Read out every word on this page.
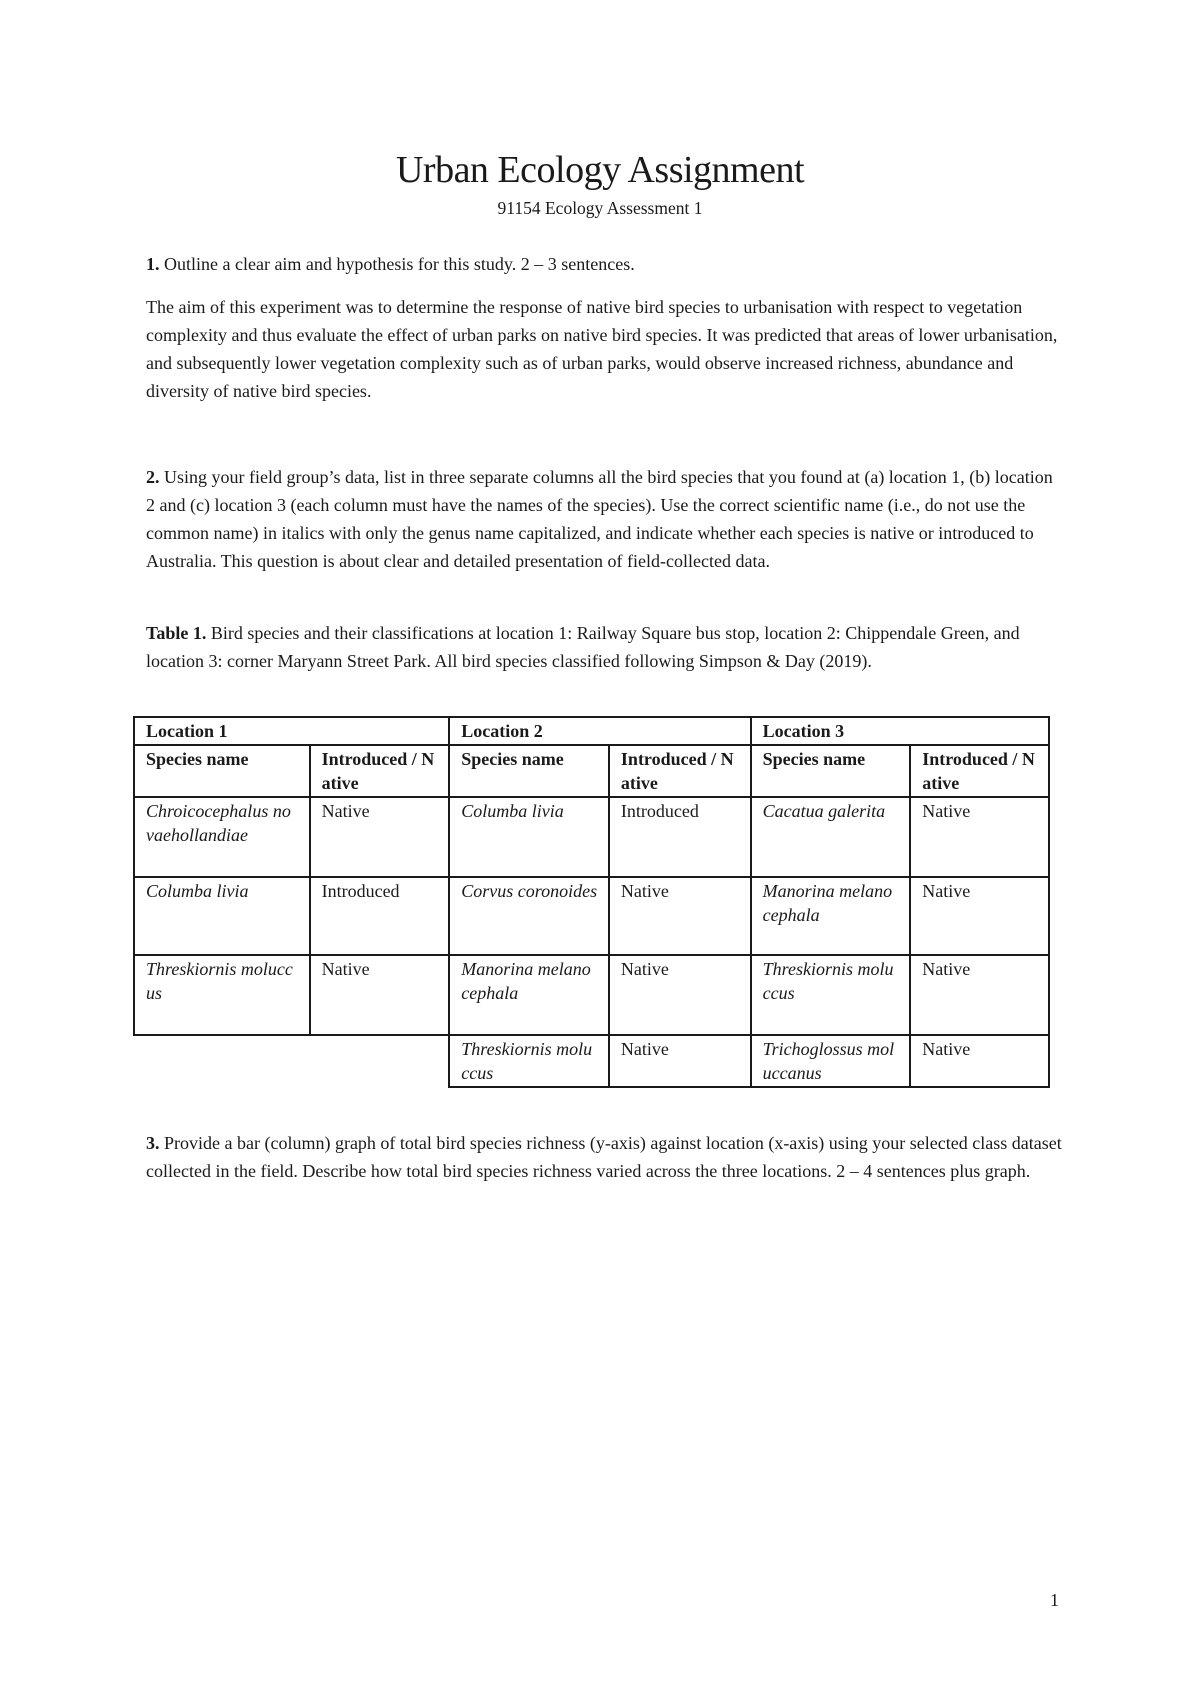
Urban Ecology Assignment
91154 Ecology Assessment 1
1. Outline a clear aim and hypothesis for this study. 2 – 3 sentences.
The aim of this experiment was to determine the response of native bird species to urbanisation with respect to vegetation complexity and thus evaluate the effect of urban parks on native bird species. It was predicted that areas of lower urbanisation, and subsequently lower vegetation complexity such as of urban parks, would observe increased richness, abundance and diversity of native bird species.
2. Using your field group’s data, list in three separate columns all the bird species that you found at (a) location 1, (b) location 2 and (c) location 3 (each column must have the names of the species). Use the correct scientific name (i.e., do not use the common name) in italics with only the genus name capitalized, and indicate whether each species is native or introduced to Australia. This question is about clear and detailed presentation of field-collected data.
Table 1. Bird species and their classifications at location 1: Railway Square bus stop, location 2: Chippendale Green, and location 3: corner Maryann Street Park. All bird species classified following Simpson & Day (2019).
Location 1		Location 2		Location 3	
Species name	Introduced / Native	Species name	Introduced / Native	Species name	Introduced / Native
Chroicocephalus novaehollandiae	Native	Columba livia	Introduced	Cacatua galerita	Native
Columba livia	Introduced	Corvus coronoides	Native	Manorina melanocephala	Native
Threskiornis moluccus	Native	Manorina melanocephala	Native	Threskiornis moluccus	Native
		Threskiornis moluccus	Native	Trichoglossus moluccanus	Native
3. Provide a bar (column) graph of total bird species richness (y-axis) against location (x-axis) using your selected class dataset collected in the field. Describe how total bird species richness varied across the three locations. 2 – 4 sentences plus graph.
1
